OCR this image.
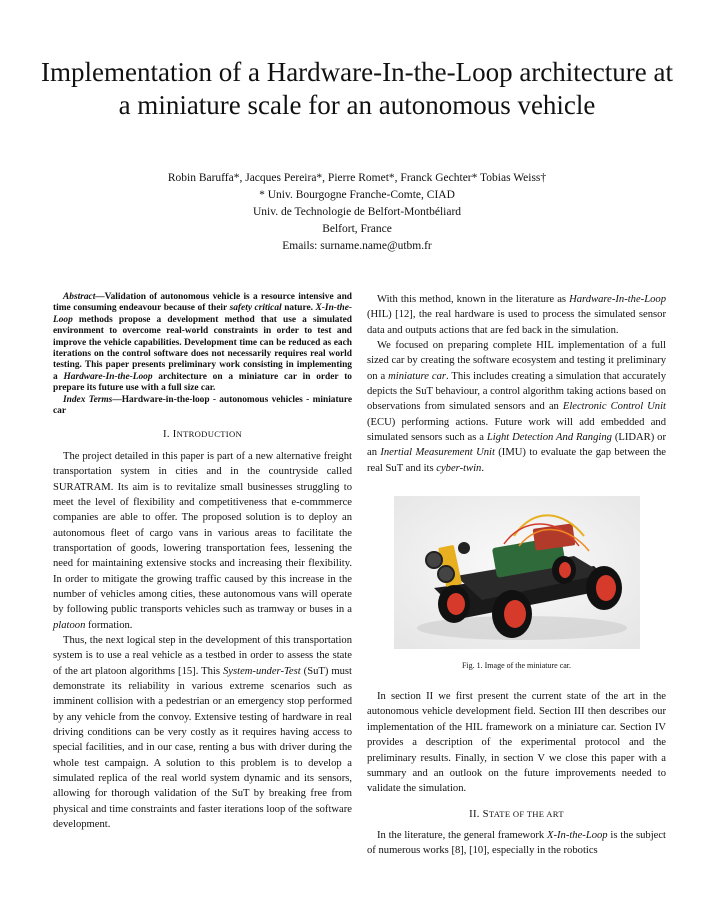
Implementation of a Hardware-In-the-Loop architecture at a miniature scale for an autonomous vehicle
Robin Baruffa*, Jacques Pereira*, Pierre Romet*, Franck Gechter* Tobias Weiss†
* Univ. Bourgogne Franche-Comte, CIAD
Univ. de Technologie de Belfort-Montbéliard
Belfort, France
Emails: surname.name@utbm.fr

Abstract—Validation of autonomous vehicle is a resource intensive and time consuming endeavour because of their safety critical nature. X-In-the-Loop methods propose a development method that use a simulated environment to overcome real-world constraints in order to test and improve the vehicle capabilities. Development time can be reduced as each iterations on the control software does not necessarily requires real world testing. This paper presents preliminary work consisting in implementing a Hardware-In-the-Loop architecture on a miniature car in order to prepare its future use with a full size car.

Index Terms—Hardware-in-the-loop - autonomous vehicles - miniature car

I. INTRODUCTION

The project detailed in this paper is part of a new alternative freight transportation system in cities and in the countryside called SURATRAM. Its aim is to revitalize small businesses struggling to meet the level of flexibility and competitiveness that e-commmerce companies are able to offer. The proposed solution is to deploy an autonomous fleet of cargo vans in various areas to facilitate the transportation of goods, lowering transportation fees, lessening the need for maintaining extensive stocks and increasing their flexibility. In order to mitigate the growing traffic caused by this increase in the number of vehicles among cities, these autonomous vans will operate by following public transports vehicles such as tramway or buses in a platoon formation.

Thus, the next logical step in the development of this transportation system is to use a real vehicle as a testbed in order to assess the state of the art platoon algorithms [15]. This System-under-Test (SuT) must demonstrate its reliability in various extreme scenarios such as imminent collision with a pedestrian or an emergency stop performed by any vehicle from the convoy. Extensive testing of hardware in real driving conditions can be very costly as it requires having access to special facilities, and in our case, renting a bus with driver during the whole test campaign. A solution to this problem is to develop a simulated replica of the real world system dynamic and its sensors, allowing for thorough validation of the SuT by breaking free from physical and time constraints and faster iterations loop of the software development.

With this method, known in the literature as Hardware-In-the-Loop (HIL) [12], the real hardware is used to process the simulated sensor data and outputs actions that are fed back in the simulation.

We focused on preparing complete HIL implementation of a full sized car by creating the software ecosystem and testing it preliminary on a miniature car. This includes creating a simulation that accurately depicts the SuT behaviour, a control algorithm taking actions based on observations from simulated sensors and an Electronic Control Unit (ECU) performing actions. Future work will add embedded and simulated sensors such as a Light Detection And Ranging (LIDAR) or an Inertial Measurement Unit (IMU) to evaluate the gap between the real SuT and its cyber-twin.

Fig. 1. Image of the miniature car.

In section II we first present the current state of the art in the autonomous vehicle development field. Section III then describes our implementation of the HIL framework on a miniature car. Section IV provides a description of the experimental protocol and the preliminary results. Finally, in section V we close this paper with a summary and an outlook on the future improvements needed to validate the simulation.

II. STATE OF THE ART

In the literature, the general framework X-In-the-Loop is the subject of numerous works [8], [10], especially in the robotics
